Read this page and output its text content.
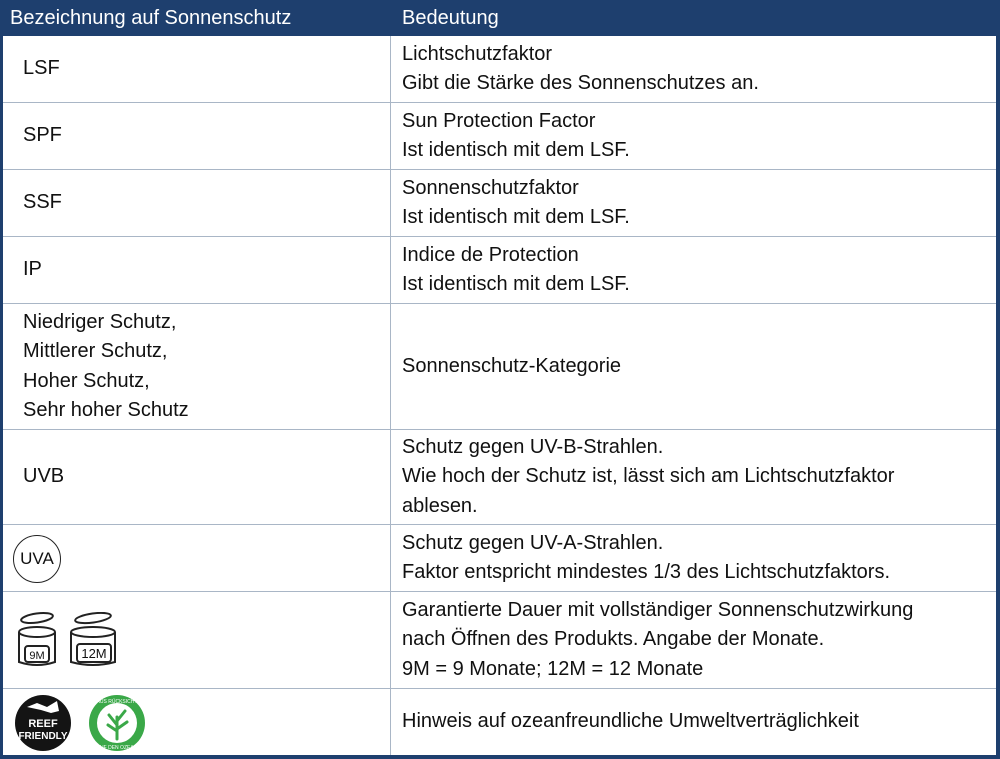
Bezeichnung auf Sonnenschutz	Bedeutung
LSF
Lichtschutzfaktor
Gibt die Stärke des Sonnenschutzes an.
SPF
Sun Protection Factor
Ist identisch mit dem LSF.
SSF
Sonnenschutzfaktor
Ist identisch mit dem LSF.
IP
Indice de Protection
Ist identisch mit dem LSF.
Niedriger Schutz,
Mittlerer Schutz,
Hoher Schutz,
Sehr hoher Schutz
Sonnenschutz-Kategorie
UVB
Schutz gegen UV-B-Strahlen.
Wie hoch der Schutz ist, lässt sich am Lichtschutzfaktor
ablesen.
UVA
Schutz gegen UV-A-Strahlen.
Faktor entspricht mindestes 1/3 des Lichtschutzfaktors.
9M	12M
Garantierte Dauer mit vollständiger Sonnenschutzwirkung
nach Öffnen des Produkts. Angabe der Monate.
9M = 9 Monate; 12M = 12 Monate
REEF
FRIENDLY
AUS RÜCKSICHT
AUF DEN OZEAN
Hinweis auf ozeanfreundliche Umweltverträglichkeit
